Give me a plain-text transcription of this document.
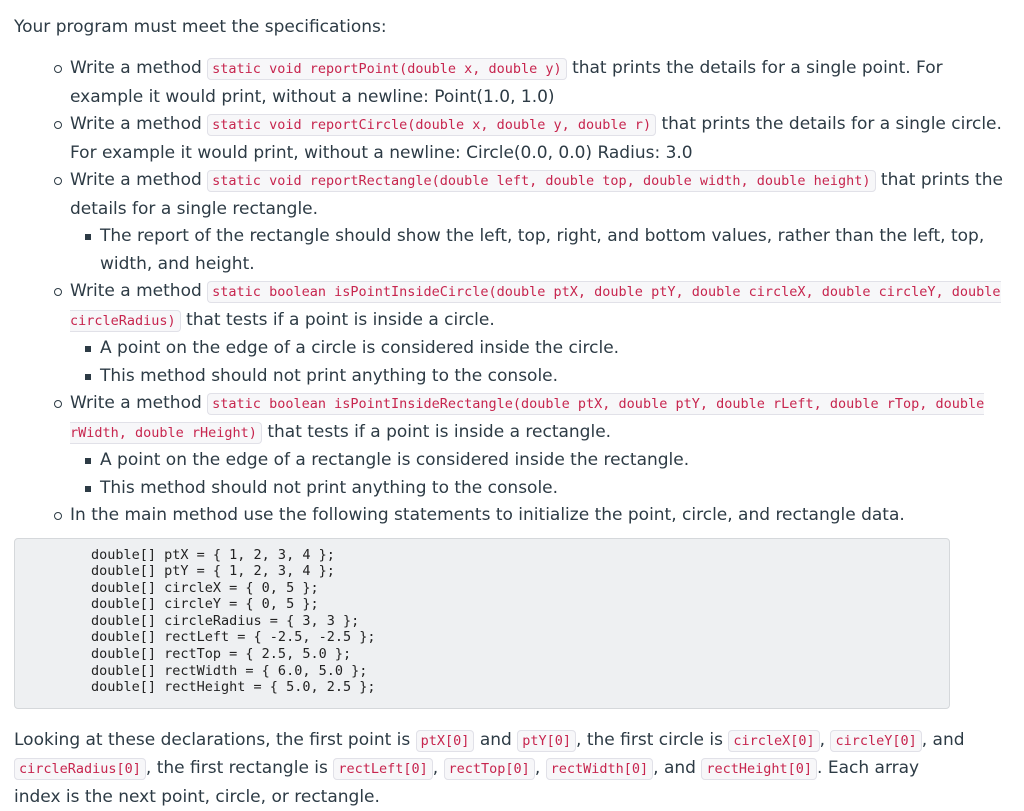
Your program must meet the specifications:

Write a method static void reportPoint(double x, double y) that prints the details for a single point. For example it would print, without a newline: Point(1.0, 1.0)
Write a method static void reportCircle(double x, double y, double r) that prints the details for a single circle. For example it would print, without a newline: Circle(0.0, 0.0) Radius: 3.0
Write a method static void reportRectangle(double left, double top, double width, double height) that prints the details for a single rectangle.
The report of the rectangle should show the left, top, right, and bottom values, rather than the left, top, width, and height.
Write a method static boolean isPointInsideCircle(double ptX, double ptY, double circleX, double circleY, double circleRadius) that tests if a point is inside a circle.
A point on the edge of a circle is considered inside the circle.
This method should not print anything to the console.
Write a method static boolean isPointInsideRectangle(double ptX, double ptY, double rLeft, double rTop, double rWidth, double rHeight) that tests if a point is inside a rectangle.
A point on the edge of a rectangle is considered inside the rectangle.
This method should not print anything to the console.
In the main method use the following statements to initialize the point, circle, and rectangle data.
double[] ptX = { 1, 2, 3, 4 };
double[] ptY = { 1, 2, 3, 4 };
double[] circleX = { 0, 5 };
double[] circleY = { 0, 5 };
double[] circleRadius = { 3, 3 };
double[] rectLeft = { -2.5, -2.5 };
double[] rectTop = { 2.5, 5.0 };
double[] rectWidth = { 6.0, 5.0 };
double[] rectHeight = { 5.0, 2.5 };

Looking at these declarations, the first point is ptX[0] and ptY[0] , the first circle is circleX[0] , circleY[0] , and circleRadius[0] , the first rectangle is rectLeft[0] , rectTop[0] , rectWidth[0] , and rectHeight[0] . Each array index is the next point, circle, or rectangle.
